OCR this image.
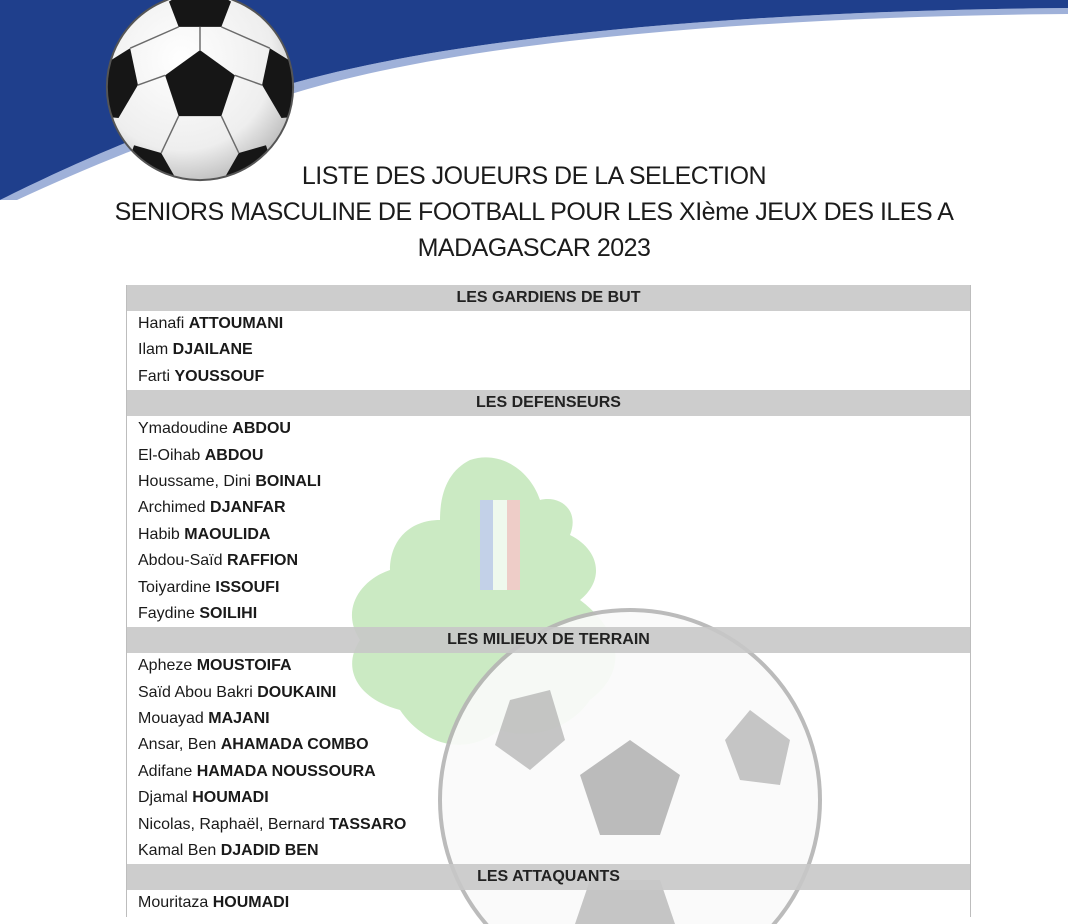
LISTE DES JOUEURS DE LA SELECTION
SENIORS MASCULINE DE FOOTBALL POUR LES XIème JEUX DES ILES A
MADAGASCAR 2023
LES GARDIENS DE BUT
Hanafi ATTOUMANI
Ilam DJAILANE
Farti YOUSSOUF
LES DEFENSEURS
Ymadoudine ABDOU
El-Oihab ABDOU
Houssame, Dini BOINALI
Archimed DJANFAR
Habib MAOULIDA
Abdou-Saïd RAFFION
Toiyardine ISSOUFI
Faydine SOILIHI
LES MILIEUX DE TERRAIN
Apheze MOUSTOIFA
Saïd Abou Bakri DOUKAINI
Mouayad MAJANI
Ansar, Ben AHAMADA COMBO
Adifane HAMADA NOUSSOURA
Djamal HOUMADI
Nicolas, Raphaël, Bernard TASSARO
Kamal Ben DJADID BEN
LES ATTAQUANTS
Mouritaza HOUMADI
